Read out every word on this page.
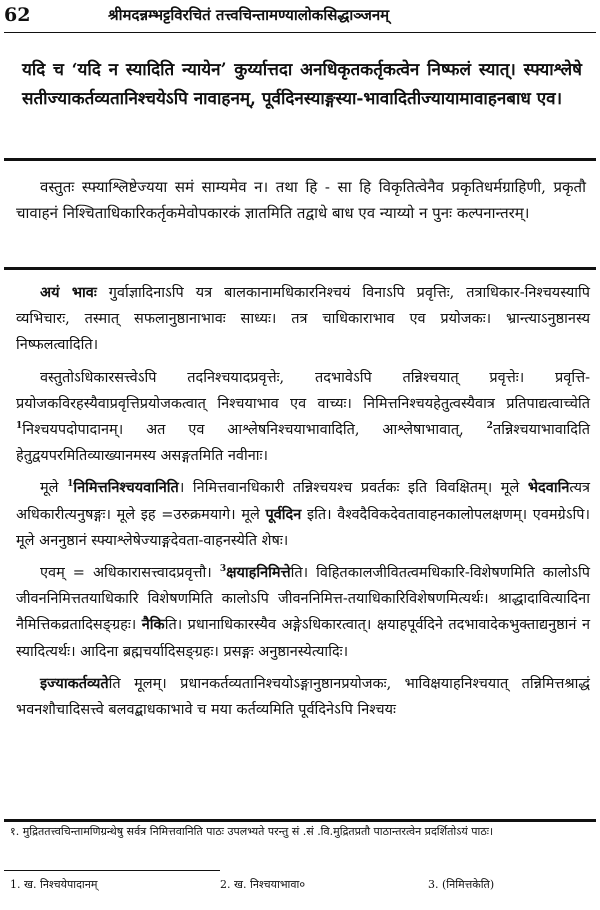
62	श्रीमदन्नम्भट्टविरचितं तत्त्वचिन्तामण्यालोकसिद्धाञ्जनम्
यदि च ‘यदि न स्यादिति न्यायेन’ कुर्य्यात्तदा अनधिकृतकर्तृकत्वेन निष्फलं स्यात्। स्फ्याश्लेषे सतीज्याकर्तव्यतानिश्चयेऽपि नावाहनम्, पूर्वदिनस्याङ्गस्या-भावादितीज्यायामावाहनबाध एव।

वस्तुतः स्फ्याश्लिष्टेज्यया समं साम्यमेव न। तथा हि - सा हि विकृतित्वेनैव प्रकृतिधर्मग्राहिणी, प्रकृतौ चावाहनं निश्चिताधिकारिकर्तृकमेवोपकारकं ज्ञातमिति तद्वाधे बाध एव न्याय्यो न पुनः कल्पनान्तरम्।

अयं भावः गुर्वाज्ञादिनाऽपि यत्र बालकानामधिकारनिश्चयं विनाऽपि प्रवृत्तिः, तत्राधिकार-निश्चयस्यापि व्यभिचारः, तस्मात् सफलानुष्ठानाभावः साध्यः। तत्र चाधिकाराभाव एव प्रयोजकः। भ्रान्त्याऽनुष्ठानस्य निष्फलत्वादिति।

वस्तुतोऽधिकारसत्त्वेऽपि तदनिश्चयादप्रवृत्तेः, तदभावेऽपि तन्निश्चयात् प्रवृत्तेः। प्रवृत्ति-प्रयोजकविरहस्यैवाप्रवृत्तिप्रयोजकत्वात् निश्चयाभाव एव वाच्यः। निमित्तनिश्चयहेतुत्वस्यैवात्र प्रतिपाद्यत्वाच्चेति $^1$निश्चयपदोपादानम्। अत एव आश्लेषनिश्चयाभावादिति, आश्लेषाभावात्, $^2$तन्निश्चयाभावादिति हेतुद्वयपरमितिव्याख्यानमस्य असङ्गतमिति नवीनाः।

मूले $^1$निमित्तनिश्चयवानिति। निमित्तवानधिकारी तन्निश्चयश्च प्रवर्तकः इति विवक्षितम्। मूले भेदवानित्यत्र अधिकारीत्यनुषङ्गः। मूले इह =उरुक्रमयागे। मूले पूर्वदिन इति। वैश्वदैविकदेवतावाहनकालोपलक्षणम्। एवमग्रेऽपि। मूले अननुष्ठानं स्फ्याश्लेषेज्याङ्गदेवता-वाहनस्येति शेषः।

एवम् = अधिकारासत्त्वादप्रवृत्तौ। $^3$क्षयाहनिमित्तेति। विहितकालजीवितत्वमधिकारि-विशेषणमिति कालोऽपि जीवननिमित्ततयाधिकारि विशेषणमिति कालोऽपि जीवननिमित्त-तयाधिकारिविशेषणमित्यर्थः। श्राद्धादावित्यादिना नैमित्तिकव्रतादिसङ्ग्रहः। नैकिति। प्रधानाधिकारस्यैव अङ्गेऽधिकारत्वात्। क्षयाहपूर्वदिने तदभावादेकभुक्ताद्यनुष्ठानं न स्यादित्यर्थः। आदिना ब्रह्मचर्यादिसङ्ग्रहः। प्रसङ्गः अनुष्ठानस्येत्यादिः।

इज्याकर्तव्यतेति मूलम्। प्रधानकर्तव्यतानिश्चयोऽङ्गानुष्ठानप्रयोजकः, भाविक्षयाहनिश्चयात् तन्निमित्तश्राद्धं भवनशौचादिसत्त्वे बलवद्बाधकाभावे च मया कर्तव्यमिति पूर्वदिनेऽपि निश्चयः

१. मुद्रिततत्त्वचिन्तामणिग्रन्थेषु सर्वत्र निमित्तवानिति पाठः उपलभ्यते परन्तु सं .सं .वि.मुद्रितप्रतौ पाठान्तरत्वेन प्रदर्शितोऽयं पाठः।
1. ख. निश्चयेपादानम्	2. ख. निश्चयाभावा०	3. (निमित्तकेति)
